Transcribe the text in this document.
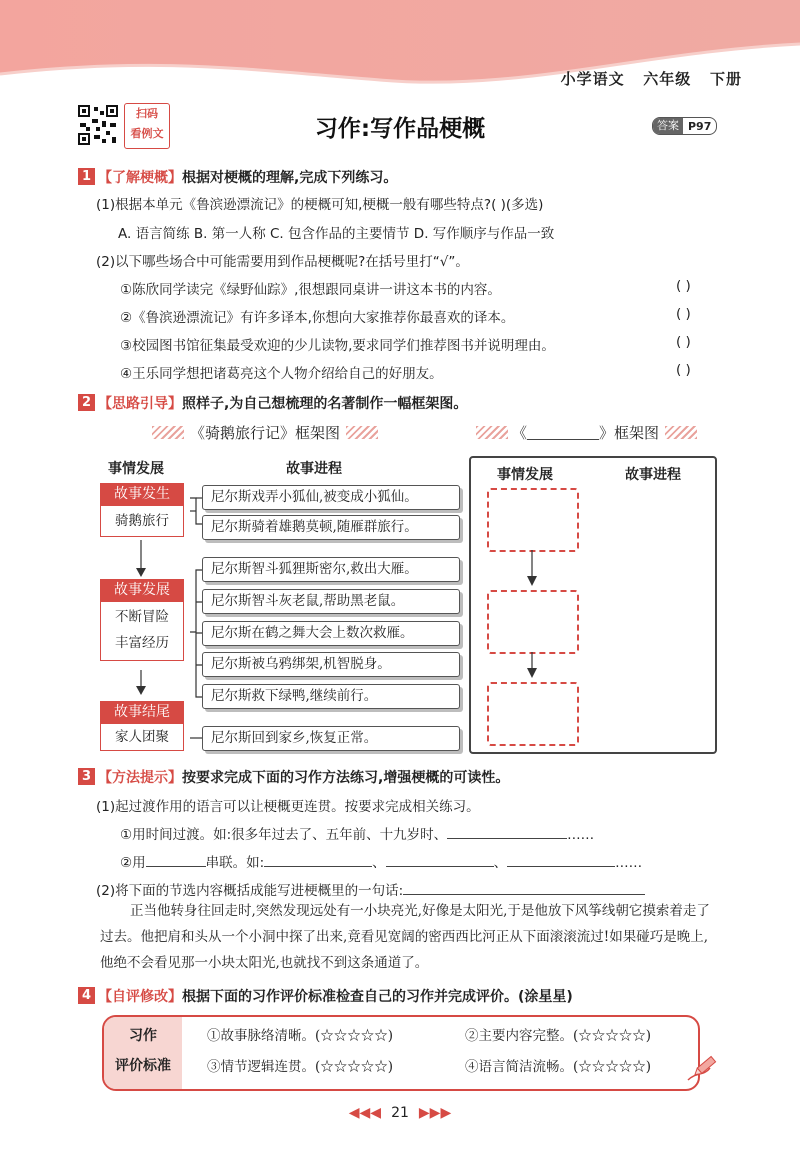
小学语文 六年级 下册

扫码
看例文	习作:写作品梗概	答案 P97
1 【了解梗概】根据对梗概的理解,完成下列练习。
(1)根据本单元《鲁滨逊漂流记》的梗概可知,梗概一般有哪些特点?( )(多选)
A. 语言简练 B. 第一人称 C. 包含作品的主要情节 D. 写作顺序与作品一致
(2)以下哪些场合中可能需要用到作品梗概呢?在括号里打“√”。
①陈欣同学读完《绿野仙踪》,很想跟同桌讲一讲这本书的内容。	( )
②《鲁滨逊漂流记》有许多译本,你想向大家推荐你最喜欢的译本。	( )
③校园图书馆征集最受欢迎的少儿读物,要求同学们推荐图书并说明理由。	( )
④王乐同学想把诸葛亮这个人物介绍给自己的好朋友。	( )
2 【思路引导】照样子,为自己想梳理的名著制作一幅框架图。
《骑鹅旅行记》框架图	《	》框架图
事情发展	故事进程
故事发生
骑鹅旅行
故事发展
不断冒险
丰富经历
故事结尾
家人团聚
尼尔斯戏弄小狐仙,被变成小狐仙。
尼尔斯骑着雄鹅莫顿,随雁群旅行。
尼尔斯智斗狐狸斯密尔,救出大雁。
尼尔斯智斗灰老鼠,帮助黑老鼠。
尼尔斯在鹤之舞大会上数次救雁。
尼尔斯被乌鸦绑架,机智脱身。
尼尔斯救下绿鸭,继续前行。
尼尔斯回到家乡,恢复正常。
事情发展	故事进程
3 【方法提示】按要求完成下面的习作方法练习,增强梗概的可读性。
(1)起过渡作用的语言可以让梗概更连贯。按要求完成相关练习。
①用时间过渡。如:很多年过去了、五年前、十九岁时、	……
②用	串联。如:	、	、	……
(2)将下面的节选内容概括成能写进梗概里的一句话:
正当他转身往回走时,突然发现远处有一小块亮光,好像是太阳光,于是他放下风筝线朝它摸索着走了过去。他把肩和头从一个小洞中探了出来,竟看见宽阔的密西西比河正从下面滚滚流过!如果碰巧是晚上,他绝不会看见那一小块太阳光,也就找不到这条通道了。
4 【自评修改】根据下面的习作评价标准检查自己的习作并完成评价。(涂星星)
习作
评价标准
①故事脉络清晰。(☆☆☆☆☆)	②主要内容完整。(☆☆☆☆☆)
③情节逻辑连贯。(☆☆☆☆☆)	④语言简洁流畅。(☆☆☆☆☆)
◀◀◀ 21 ▶▶▶
